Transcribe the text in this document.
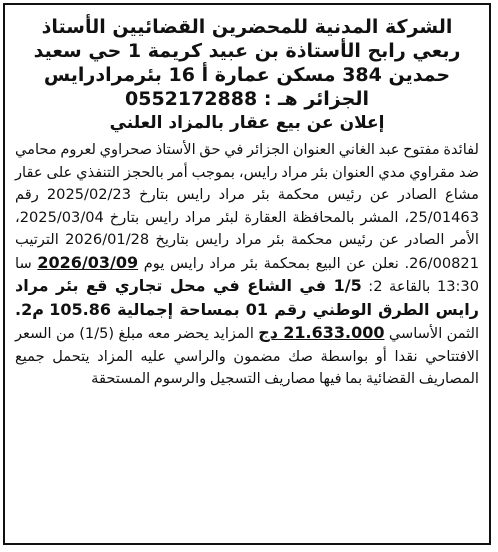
الشركة المدنية للمحضرين القضائيين الأستاذ
ربعي رابح الأستاذة بن عبيد كريمة 1 حي سعيد
حمدين 384 مسكن عمارة أ 16 بئرمرادرايس
الجزائر هـ : 0552172888
إعلان عن بيع عقار بالمزاد العلني
لفائدة مفتوح عبد الغاني العنوان الجزائر في حق الأستاذ صحراوي لعروم محامي ضد مقراوي مدي العنوان بئر مراد رايس، بموجب أمر بالحجز التنفذي على عقار مشاع الصادر عن رئيس محكمة بئر مراد رايس بتارخ 2025/02/23 رقم 25/01463، المشر بالمحافظة العقارة لبئر مراد رايس بتارخ 2025/03/04، الأمر الصادر عن رئيس محكمة بئر مراد رايس بتاريخ 2026/01/28 الترتيب 26/00821. نعلن عن البيع بمحكمة بئر مراد رايس يوم 2026/03/09 سا 13:30 بالقاعة 2: 1/5 في الشاع في محل تجاري قع بئر مراد رايس الطرق الوطني رقم 01 بمساحة إجمالية 105.86 م2. الثمن الأساسي 21.633.000 دج المزايد يحضر معه مبلغ (1/5) من السعر الافتتاحي نقدا أو بواسطة صك مضمون والراسي عليه المزاد يتحمل جميع المصاريف القضائية بما فيها مصاريف التسجيل والرسوم المستحقة
